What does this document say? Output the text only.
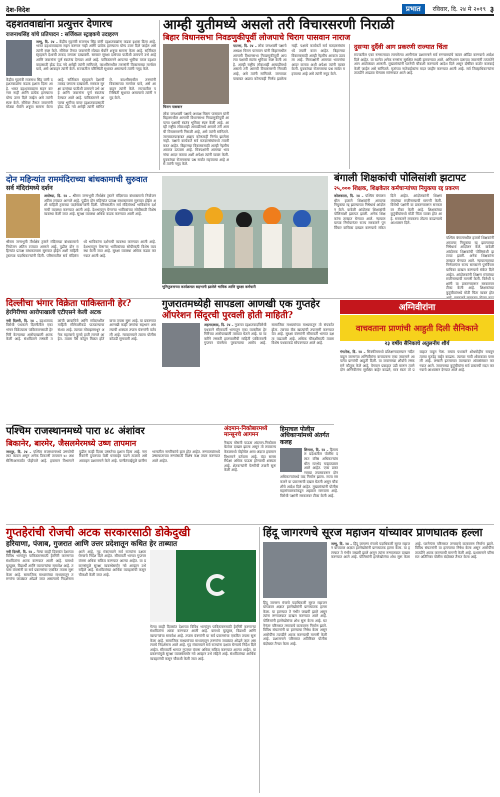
देश-विदेश	प्रभात	रविवार, दि. २४ मे २०१९ ३
दहशतवाद्यांना प्रत्युत्तर देणारच
राजनाथसिंह यांचे प्रतिपादन : सर्जिकल स्ट्राइकचे उदाहरण
जम्मू, दि. २४ – केंद्रीय गृहमंत्री राजनाथ सिंह यांनी दहशतवाद्यांना कडक इशारा दिला आहे. भारत दहशतवादाला सहन करणार नाही आणि प्रत्येक हल्ल्याला योग्य उत्तर दिले जाईल असे त्यांनी स्पष्ट केले. सीमेवर तैनात जवानांनी मोठ्या धैर्याने शत्रूचा सामना केला आहे. सर्जिकल स्ट्राइकने देशाची ताकद जगाला दाखवली. सरकार सुरक्षा दलांच्या पाठीशी ठामपणे उभे आहे आणि जवानांना पूर्ण स्वातंत्र्य देण्यात आले आहे. पाकिस्तानने आपल्या भूमीचा वापर दहशतवादासाठी होऊ देऊ नये असेही त्यांनी सांगितले. काश्मीरमधील तरुणांनी विकासाच्या मार्गावर यावे, असे आवाहन त्यांनी केले. राज्यातील परिस्थिती सुधारत असल्याचे त्यांनी नमूद केले.
केंद्रीय गृहमंत्री राजनाथ सिंह यांनी दहशतवाद्यांना कडक इशारा दिला आहे. भारत दहशतवादाला सहन करणार नाही आणि प्रत्येक हल्ल्याला योग्य उत्तर दिले जाईल असे त्यांनी स्पष्ट केले. सीमेवर तैनात जवानांनी मोठ्या धैर्याने शत्रूचा सामना केला आहे. सर्जिकल स्ट्राइकने देशाची ताकद जगाला दाखवली. सरकार सुरक्षा दलांच्या पाठीशी ठामपणे उभे आहे आणि जवानांना पूर्ण स्वातंत्र्य देण्यात आले आहे. पाकिस्तानने आपल्या भूमीचा वापर दहशतवादासाठी होऊ देऊ नये असेही त्यांनी सांगितले. काश्मीरमधील तरुणांनी विकासाच्या मार्गावर यावे, असे आवाहन त्यांनी केले. राज्यातील परिस्थिती सुधारत असल्याचे त्यांनी नमूद केले.
आम्ही युतीमध्ये असलो तरी विचारसरणी निराळी
बिहार विधानसभा निवडणुकीपूर्वी लोजपाचे चिराग पासवान नाराज
चिराग पासवान
लोक जनशक्ती पक्षाचे अध्यक्ष चिराग पासवान यांनी बिहारमधील आगामी विधानसभा निवडणुकीपूर्वी आपल्या पक्षाची स्वतंत्र भूमिका स्पष्ट केली आहे. आम्ही राष्ट्रीय लोकशाही आघाडीमध्ये असलो तरी आमची विचारसरणी निराळी आहे, असे त्यांनी सांगितले. जागावाटपाबाबत अद्याप कोणताही निर्णय झालेला नाही. पक्षाचे कार्यकर्ते सर्व मतदारसंघांमध्ये तयारी करत आहेत. बिहारच्या विकासासाठी आम्ही नेहमीच आवाज उठवला आहे. मित्रपक्षांनी आमच्या भावनांचा आदर करावा अशी अपेक्षा त्यांनी व्यक्त केली. युवकांच्या रोजगाराचा प्रश्न सर्वात महत्त्वाचा आहे असे त्यांनी नमूद केले.
पाटणा, दि. २४ – लोक जनशक्ती पक्षाचे अध्यक्ष चिराग पासवान यांनी बिहारमधील आगामी विधानसभा निवडणुकीपूर्वी आपल्या पक्षाची स्वतंत्र भूमिका स्पष्ट केली आहे. आम्ही राष्ट्रीय लोकशाही आघाडीमध्ये असलो तरी आमची विचारसरणी निराळी आहे, असे त्यांनी सांगितले. जागावाटपाबाबत अद्याप कोणताही निर्णय झालेला नाही. पक्षाचे कार्यकर्ते सर्व मतदारसंघांमध्ये तयारी करत आहेत. बिहारच्या विकासासाठी आम्ही नेहमीच आवाज उठवला आहे. मित्रपक्षांनी आमच्या भावनांचा आदर करावा अशी अपेक्षा त्यांनी व्यक्त केली. युवकांच्या रोजगाराचा प्रश्न सर्वात महत्त्वाचा आहे असे त्यांनी नमूद केले.
दुसऱ्या दुर्दैवी आग प्रकरणी राज्यात चिंता
राज्यातील एका रुग्णालयात लागलेल्या आगीनंतर प्रशासनाने सर्व रुग्णालयांचे फायर ऑडिट करण्याचे आदेश दिले आहेत. या घटनेत अनेक रुग्णांना सुरक्षित स्थळी हलवण्यात आले. अग्निशमन दलाच्या जवानांनी तत्परतेने आग आटोक्यात आणली. मुख्यमंत्र्यांनी घटनेची चौकशी करण्याचे आदेश दिले असून दोषींवर कठोर कारवाई केली जाईल असे सांगितले. मृतांच्या नातेवाईकांना मदत जाहीर करण्यात आली आहे. सर्व जिल्हाधिकाऱ्यांना तातडीने आढावा घेण्यास सांगण्यात आले आहे.
दोन महिन्यांत राममंदिराच्या बांधकामाची सुरुवात
सर्व मंदिरांमध्ये दर्शन
अयोध्या, दि. २४ – श्रीराम जन्मभूमी तीर्थक्षेत्र ट्रस्टने मंदिराच्या बांधकामाचे नियोजन अंतिम टप्प्यात आणले आहे. पुढील दोन महिन्यांत प्रत्यक्ष बांधकामाला सुरुवात होईल अशी माहिती ट्रस्टच्या पदाधिकाऱ्यांनी दिली. परिसरातील सर्व मंदिरांमध्ये भाविकांना दर्शनाची व्यवस्था करण्यात आली आहे. देशभरातून येणाऱ्या भाविकांच्या सोयीसाठी विशेष व्यवस्था केली जात आहे. सुरक्षा व्यवस्था अधिक कडक करण्यात आली आहे.
श्रीराम जन्मभूमी तीर्थक्षेत्र ट्रस्टने मंदिराच्या बांधकामाचे नियोजन अंतिम टप्प्यात आणले आहे. पुढील दोन महिन्यांत प्रत्यक्ष बांधकामाला सुरुवात होईल अशी माहिती ट्रस्टच्या पदाधिकाऱ्यांनी दिली. परिसरातील सर्व मंदिरांमध्ये भाविकांना दर्शनाची व्यवस्था करण्यात आली आहे. देशभरातून येणाऱ्या भाविकांच्या सोयीसाठी विशेष व्यवस्था केली जात आहे. सुरक्षा व्यवस्था अधिक कडक करण्यात आली आहे.
भूमिपूजनाच्या कार्यक्रमात सहभागी झालेले भाविक आणि सुरक्षा कर्मचारी
बंगाली शिक्षकांची पोलिसांशी झटापट
२५,००० शिक्षक, शिक्षकेतर कर्मचाऱ्यांच्या नियुक्त्या रद्द प्रकरण
कोलकाता, दि. २४ – पश्चिम बंगालमधील हजारो शिक्षकांनी आपल्या नियुक्त्या रद्द झाल्याच्या निषेधार्थ आंदोलन केले. यावेळी आंदोलक शिक्षकांची पोलिसांशी झटापट झाली. अनेक शिक्षकांना ताब्यात घेण्यात आले. न्यायालयाच्या निर्णयानंतर राज्य सरकारने पुनर्विचार याचिका दाखल करण्याचे संकेत दिले आहेत. आंदोलकांनी शिक्षण मंत्र्यांच्या राजीनाम्याची मागणी केली. विरोधी पक्षांनी या प्रकरणावरून सरकारवर टीका केली आहे. शिक्षकांच्या कुटुंबीयांमध्ये मोठी चिंता व्यक्त होत आहे. सरकारने लवकरच तोडगा काढण्याचे आश्वासन दिले.
पश्चिम बंगालमधील हजारो शिक्षकांनी आपल्या नियुक्त्या रद्द झाल्याच्या निषेधार्थ आंदोलन केले. यावेळी आंदोलक शिक्षकांची पोलिसांशी झटापट झाली. अनेक शिक्षकांना ताब्यात घेण्यात आले. न्यायालयाच्या निर्णयानंतर राज्य सरकारने पुनर्विचार याचिका दाखल करण्याचे संकेत दिले आहेत. आंदोलकांनी शिक्षण मंत्र्यांच्या राजीनाम्याची मागणी केली. विरोधी पक्षांनी या प्रकरणावरून सरकारवर टीका केली आहे. शिक्षकांच्या कुटुंबीयांमध्ये मोठी चिंता व्यक्त होत
दिल्लीचा भंगार विक्रेता पाकिस्तानी हेर?
हेरगिरीच्या आरोपाखाली एटीएसने केली अटक
नवी दिल्ली, दि. २४ – दहशतवादविरोधी पथकाने दिल्लीतील एका भंगार विक्रेत्याला पाकिस्तानसाठी हेरगिरी केल्याच्या आरोपाखाली अटक केली आहे. संशयिताने लष्करी तळांची छायाचित्रे आणि संवेदनशील माहिती सीमेपलीकडे पाठवल्याचा संशय आहे. त्याच्या मोबाइलमधून अनेक महत्त्वाचे पुरावे हाती लागले आहेत. त्याला पैसे कोठून मिळत होते याचा तपास सुरू आहे. या प्रकरणात आणखी काही जणांचा सहभाग असल्याची शक्यता तपास यंत्रणांनी वर्तवली आहे. न्यायालयाने त्याला पोलीस कोठडी सुनावली आहे.
गुजरातमध्येही सापडला आणखी एक गुप्तहेर
ऑपरेशन सिंदूरची पुरवली होती माहिती?
अहमदाबाद, दि. २४ – गुजरात दहशतवादविरोधी पथकाने सीमावर्ती भागातून एका व्यक्तीला हेरगिरीच्या आरोपाखाली ताब्यात घेतले आहे. या व्यक्तीने लष्करी हालचालींची माहिती पाकिस्तानी गुप्तचर यंत्रणेला पुरवल्याचा आरोप आहे. सामाजिक माध्यमांच्या माध्यमातून तो संपर्कात होता. त्याच्या बँक खात्यांची तपासणी करण्यात येत आहे. सुरक्षा यंत्रणांनी सीमावर्ती भागात दक्षता वाढवली आहे. अधिक चौकशीसाठी त्याला विशेष पथकाकडे सोपवण्यात आले आहे.
अग्निवीरांना
वाचवताना प्राणांची आहुती दिली सैनिकाने
२३ वर्षीय सैनिकाचे अतुलनीय शौर्य
गंगटोक, दि. २४ – सिक्कीममध्ये प्रशिक्षणादरम्यान नदीत वाहून जाणाऱ्या अग्निवीरांना वाचवताना एका जवानाने आपल्या प्राणांची आहुती दिली. या जवानाच्या शौर्याचे लष्कराने कौतुक केले आहे. वेगवान प्रवाहात उडी मारून त्याने दोन अग्निवीरांना सुरक्षित बाहेर काढले, मात्र स्वतः तो प्रवाहात वाहून गेला. बचाव पथकाने शोधमोहीम राबवून त्याचा मृतदेह बाहेर काढला. त्याच्या गावी शोककळा पसरली आहे. लष्करी इतमामात त्याच्यावर अंत्यसंस्कार करण्यात आले. जवानाच्या कुटुंबीयांना सर्व प्रकारची मदत करण्याचे आश्वासन देण्यात आले आहे.
पश्चिम राजस्थानमध्ये पारा ४८ अंशांवर
बिकानेर, बारमेर, जैसलमेरमध्ये उष्ण तापमान
जयपूर, दि. २४ – पश्चिम राजस्थानमध्ये उष्णतेची लाट कायम असून अनेक ठिकाणी तापमान ४८ अंश सेल्सिअसपर्यंत पोहोचले आहे. हवामान विभागाने पुढील काही दिवस उष्णतेचा इशारा दिला आहे. नागरिकांनी दुपारच्या वेळी घराबाहेर पडणे टाळावे असे आवाहन प्रशासनाने केले आहे. पाणीटंचाईमुळे ग्रामीण भागातील नागरिकांचे हाल होत आहेत. रुग्णालयांमध्ये उष्माघाताच्या रुग्णांसाठी विशेष कक्ष तयार करण्यात आले आहेत.
अंदमान-निकोबारमध्ये मान्सूनचे आगमन
नैऋत्य मोसमी पाऊस अंदमान-निकोबार बेटांवर दाखल झाला असून तो लवकरच केरळमध्ये पोहोचेल असा अंदाज हवामान विभागाने वर्तवला आहे. यंदा सरासरीपेक्षा अधिक पाऊस होण्याची शक्यता आहे. शेतकऱ्यांनी पेरणीची तयारी सुरू केली आहे.
हिमाचल पोलीस अधिकाऱ्यांमध्ये अंतर्गत कलह
शिमला, दि. २४ – हिमाचल प्रदेशातील पोलीस दलात वरिष्ठ अधिकाऱ्यांमधील मतभेद चव्हाट्यावर आले आहेत. एका प्रकरणाच्या तपासावरून दोन अधिकाऱ्यांमध्ये वाद निर्माण झाला. राज्य सरकारने या प्रकरणाची दखल घेतली असून चौकशीचे आदेश दिले आहेत. मुख्यमंत्र्यांनी पोलीस महासंचालकांकडून अहवाल मागवला आहे. विरोधी पक्षांनी सरकारवर टीका केली आहे.
गुप्तहेरांची रोजची अटक सरकारसाठी डोकेदुखी
हरियाणा, पंजाब, गुजरात आणि उत्तर प्रदेशातून कथित हेर ताब्यात
नवी दिल्ली, दि. २४ – गेल्या काही दिवसांत देशाच्या विविध भागांतून पाकिस्तानसाठी हेरगिरी करणाऱ्या संशयितांना अटक करण्यात आली आहे. यामध्ये यूट्यूबर, विद्यार्थी आणि व्यापाऱ्यांचा समावेश आहे. तपास यंत्रणांनी या सर्व प्रकरणांचा एकत्रित तपास सुरू केला आहे. सामाजिक माध्यमांच्या माध्यमातून तरुणांना जाळ्यात ओढले जात असल्याचे निदर्शनास आले आहे. गृह मंत्रालयाने सर्व राज्यांना दक्षता घेण्याचे निर्देश दिले आहेत. सीमावर्ती भागात गुप्तचर यंत्रणा अधिक सक्रिय करण्यात आल्या आहेत. या प्रकरणांमुळे सुरक्षा व्यवस्थेसमोर नवे आव्हान उभे राहिले आहे. संशयितांच्या आर्थिक व्यवहारांची कसून चौकशी केली जात आहे.
गेल्या काही दिवसांत देशाच्या विविध भागांतून पाकिस्तानसाठी हेरगिरी करणाऱ्या संशयितांना अटक करण्यात आली आहे. यामध्ये यूट्यूबर, विद्यार्थी आणि व्यापाऱ्यांचा समावेश आहे. तपास यंत्रणांनी या सर्व प्रकरणांचा एकत्रित तपास सुरू केला आहे. सामाजिक माध्यमांच्या माध्यमातून तरुणांना जाळ्यात ओढले जात असल्याचे निदर्शनास आले आहे. गृह मंत्रालयाने सर्व राज्यांना दक्षता घेण्याचे निर्देश दिले आहेत. सीमावर्ती भागात गुप्तचर यंत्रणा अधिक सक्रिय करण्यात आल्या आहेत. या प्रकरणांमुळे सुरक्षा व्यवस्थेसमोर नवे आव्हान उभे राहिले आहे. संशयितांच्या आर्थिक व्यवहारांची कसून चौकशी केली जात आहे.
हिंदू जागरणचे सूरज महाजन यांच्यावर प्राणघातक हल्ला
हिंदू जागरण मंचाचे पदाधिकारी सूरज महाजन यांच्यावर अज्ञात हल्लेखोरांनी प्राणघातक हल्ला केला. या हल्ल्यात ते गंभीर जखमी झाले असून त्यांना रुग्णालयात दाखल करण्यात आले आहे. पोलिसांनी हल्लेखोरांचा शोध सुरू केला आहे. घटनेनंतर परिसरात तणावाचे वातावरण निर्माण झाले. विविध संघटनांनी या हल्ल्याचा निषेध केला असून आरोपींना तातडीने अटक करण्याची मागणी केली आहे. प्रशासनाने परिसरात अतिरिक्त पोलीस बंदोबस्त तैनात केला आहे.
जम्मू, दि. २४ – हिंदू जागरण मंचाचे पदाधिकारी सूरज महाजन यांच्यावर अज्ञात हल्लेखोरांनी प्राणघातक हल्ला केला. या हल्ल्यात ते गंभीर जखमी झाले असून त्यांना रुग्णालयात दाखल करण्यात आले आहे. पोलिसांनी हल्लेखोरांचा शोध सुरू केला आहे. घटनेनंतर परिसरात तणावाचे वातावरण निर्माण झाले. विविध संघटनांनी या हल्ल्याचा निषेध केला असून आरोपींना तातडीने अटक करण्याची मागणी केली आहे. प्रशासनाने परिसरात अतिरिक्त पोलीस बंदोबस्त तैनात केला आहे.
